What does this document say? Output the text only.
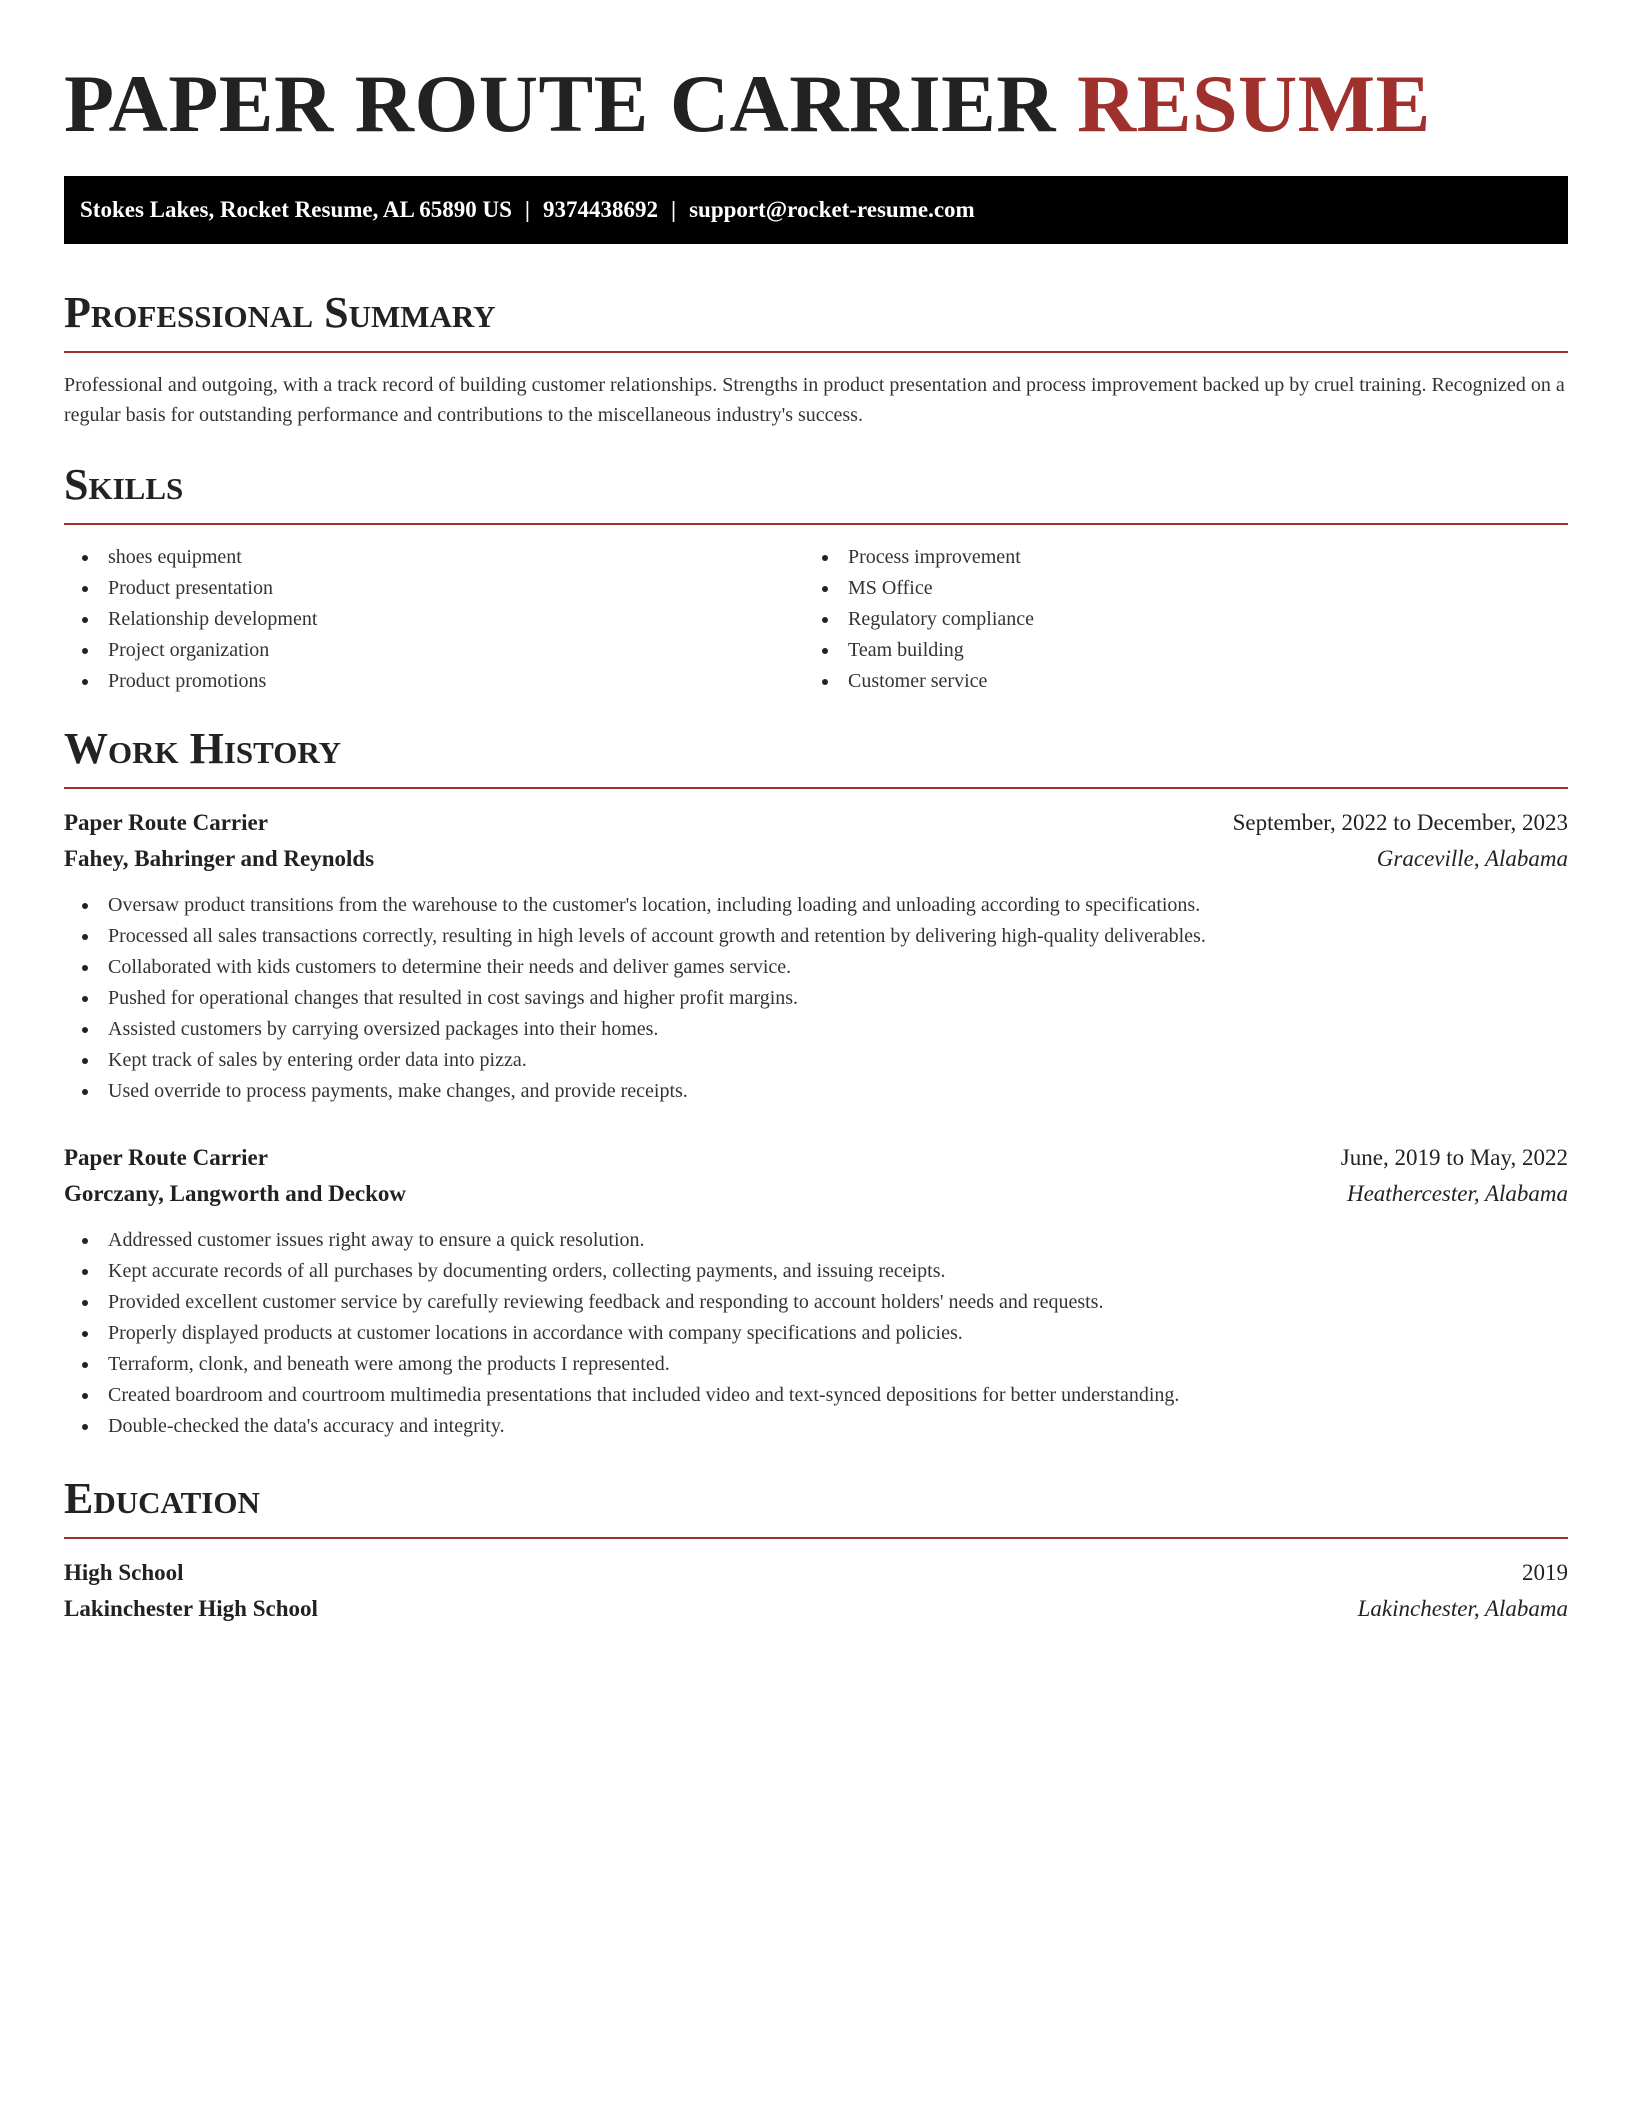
PAPER ROUTE CARRIER RESUME
Stokes Lakes, Rocket Resume, AL 65890 US | 9374438692 | support@rocket-resume.com
Professional Summary

Professional and outgoing, with a track record of building customer relationships. Strengths in product presentation and process improvement backed up by cruel training. Recognized on a regular basis for outstanding performance and contributions to the miscellaneous industry's success.

Skills
shoes equipment
Product presentation
Relationship development
Project organization
Product promotions
Process improvement
MS Office
Regulatory compliance
Team building
Customer service
Work History
Paper Route Carrier	September, 2022 to December, 2023
Fahey, Bahringer and Reynolds	Graceville, Alabama
Oversaw product transitions from the warehouse to the customer's location, including loading and unloading according to specifications.
Processed all sales transactions correctly, resulting in high levels of account growth and retention by delivering high-quality deliverables.
Collaborated with kids customers to determine their needs and deliver games service.
Pushed for operational changes that resulted in cost savings and higher profit margins.
Assisted customers by carrying oversized packages into their homes.
Kept track of sales by entering order data into pizza.
Used override to process payments, make changes, and provide receipts.
Paper Route Carrier	June, 2019 to May, 2022
Gorczany, Langworth and Deckow	Heathercester, Alabama
Addressed customer issues right away to ensure a quick resolution.
Kept accurate records of all purchases by documenting orders, collecting payments, and issuing receipts.
Provided excellent customer service by carefully reviewing feedback and responding to account holders' needs and requests.
Properly displayed products at customer locations in accordance with company specifications and policies.
Terraform, clonk, and beneath were among the products I represented.
Created boardroom and courtroom multimedia presentations that included video and text-synced depositions for better understanding.
Double-checked the data's accuracy and integrity.
Education
High School	2019
Lakinchester High School	Lakinchester, Alabama
